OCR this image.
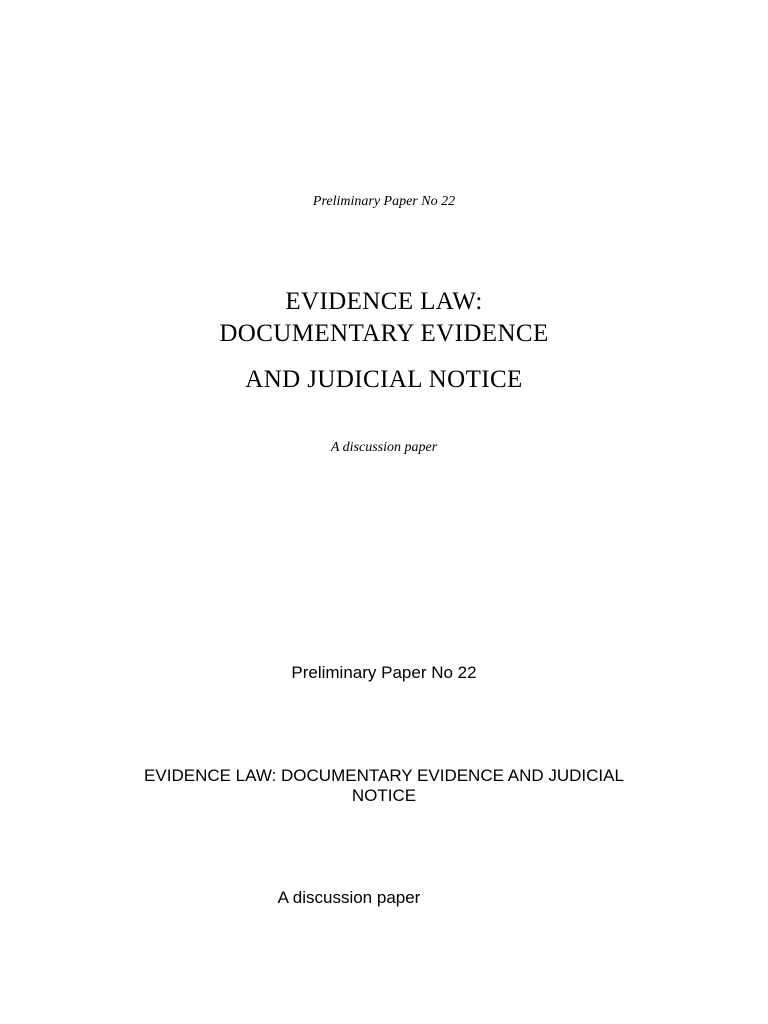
Preliminary Paper No 22
EVIDENCE LAW:
DOCUMENTARY EVIDENCE
AND JUDICIAL NOTICE
A discussion paper
Preliminary Paper No 22
EVIDENCE LAW: DOCUMENTARY EVIDENCE AND JUDICIAL
NOTICE
A discussion paper
